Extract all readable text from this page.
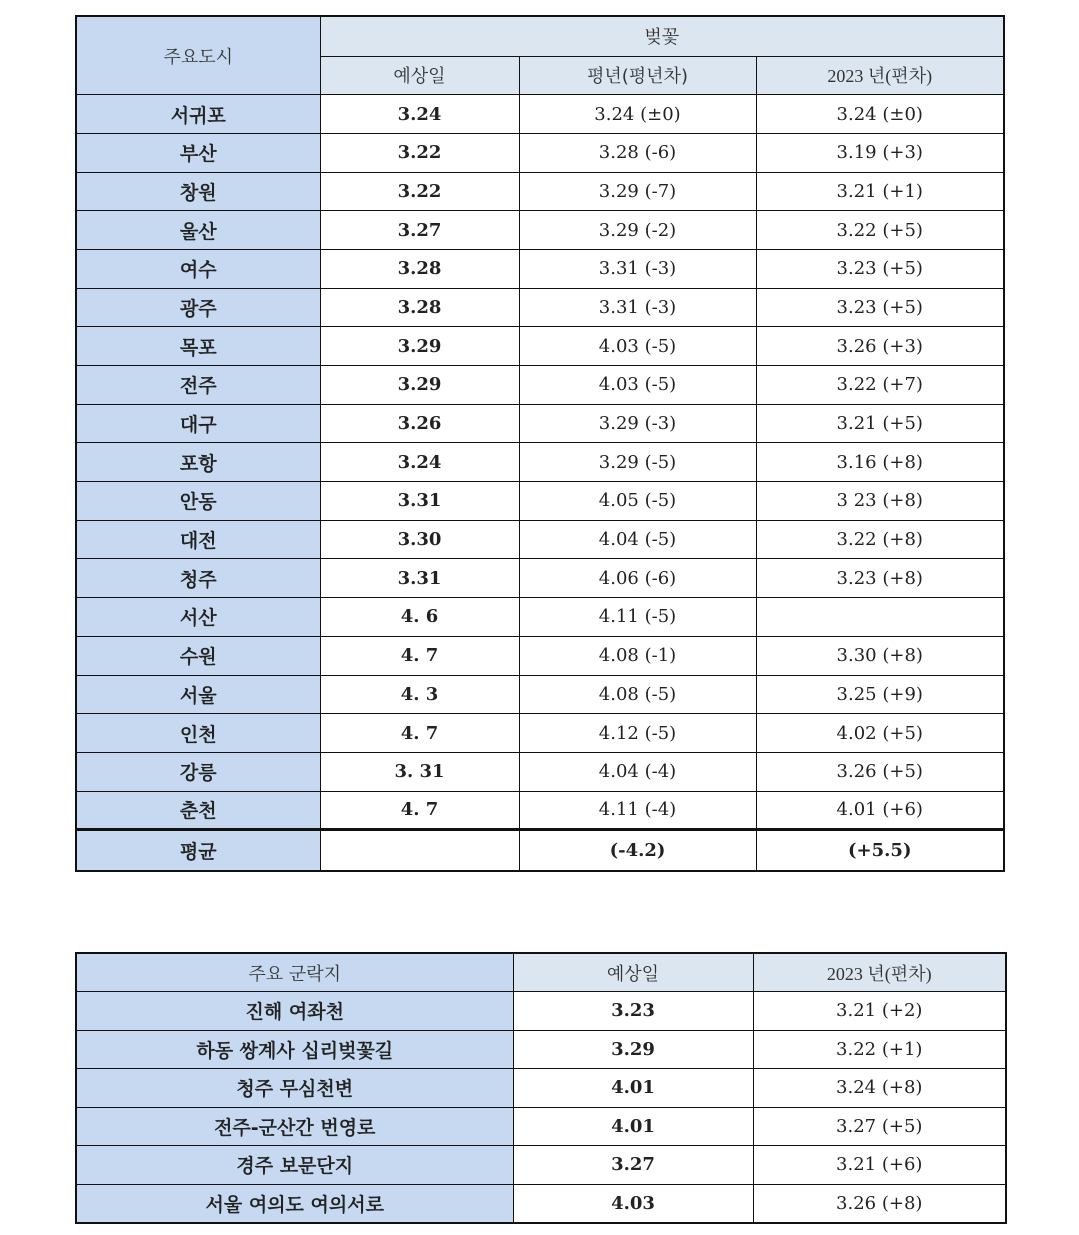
주요도시	벚꽃		
	예상일	평년(평년차)	2023 년(편차)
서귀포	3.24	3.24 (±0)	3.24 (±0)
부산	3.22	3.28 (-6)	3.19 (+3)
창원	3.22	3.29 (-7)	3.21 (+1)
울산	3.27	3.29 (-2)	3.22 (+5)
여수	3.28	3.31 (-3)	3.23 (+5)
광주	3.28	3.31 (-3)	3.23 (+5)
목포	3.29	4.03 (-5)	3.26 (+3)
전주	3.29	4.03 (-5)	3.22 (+7)
대구	3.26	3.29 (-3)	3.21 (+5)
포항	3.24	3.29 (-5)	3.16 (+8)
안동	3.31	4.05 (-5)	3 23 (+8)
대전	3.30	4.04 (-5)	3.22 (+8)
청주	3.31	4.06 (-6)	3.23 (+8)
서산	4. 6	4.11 (-5)	
수원	4. 7	4.08 (-1)	3.30 (+8)
서울	4. 3	4.08 (-5)	3.25 (+9)
인천	4. 7	4.12 (-5)	4.02 (+5)
강릉	3. 31	4.04 (-4)	3.26 (+5)
춘천	4. 7	4.11 (-4)	4.01 (+6)
평균		(-4.2)	(+5.5)
주요 군락지	예상일	2023 년(편차)
진해 여좌천	3.23	3.21 (+2)
하동 쌍계사 십리벚꽃길	3.29	3.22 (+1)
청주 무심천변	4.01	3.24 (+8)
전주-군산간 번영로	4.01	3.27 (+5)
경주 보문단지	3.27	3.21 (+6)
서울 여의도 여의서로	4.03	3.26 (+8)
